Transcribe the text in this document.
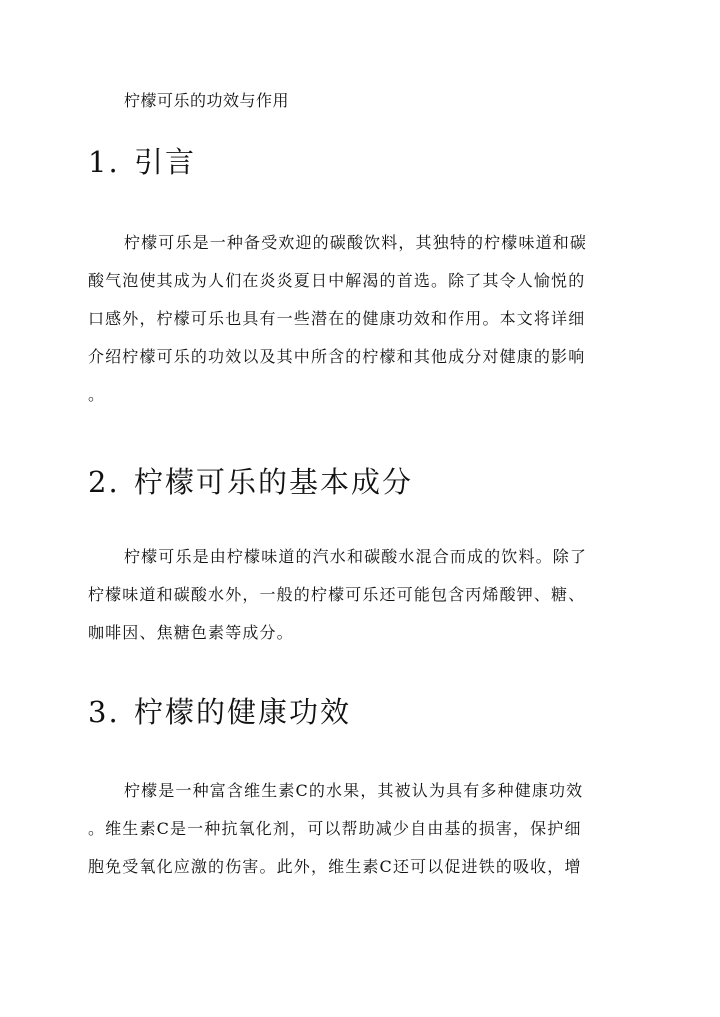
柠檬可乐的功效与作用
1. 引言
柠檬可乐是一种备受欢迎的碳酸饮料，其独特的柠檬味道和碳
酸气泡使其成为人们在炎炎夏日中解渴的首选。除了其令人愉悦的
口感外，柠檬可乐也具有一些潜在的健康功效和作用。本文将详细
介绍柠檬可乐的功效以及其中所含的柠檬和其他成分对健康的影响
。
2. 柠檬可乐的基本成分
柠檬可乐是由柠檬味道的汽水和碳酸水混合而成的饮料。除了
柠檬味道和碳酸水外，一般的柠檬可乐还可能包含丙烯酸钾、糖、
咖啡因、焦糖色素等成分。
3. 柠檬的健康功效
柠檬是一种富含维生素C的水果，其被认为具有多种健康功效
。维生素C是一种抗氧化剂，可以帮助减少自由基的损害，保护细
胞免受氧化应激的伤害。此外，维生素C还可以促进铁的吸收，增
